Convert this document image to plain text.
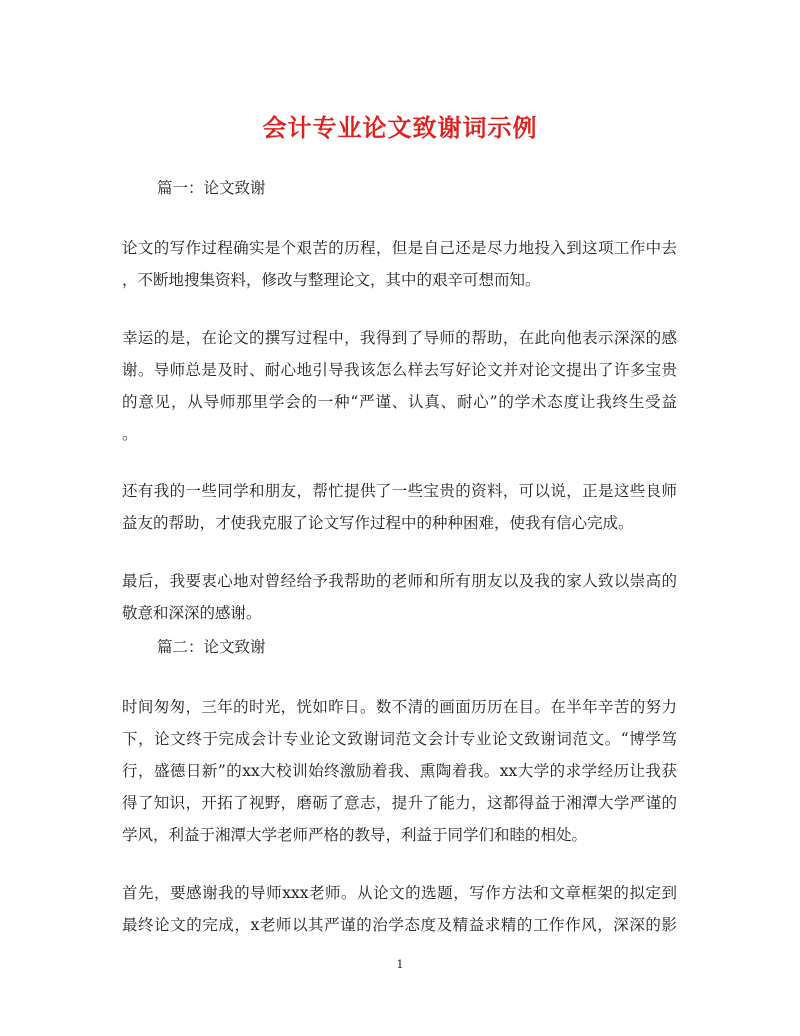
会计专业论文致谢词示例
篇一：论文致谢
论文的写作过程确实是个艰苦的历程，但是自己还是尽力地投入到这项工作中去
，不断地搜集资料，修改与整理论文，其中的艰辛可想而知。
幸运的是，在论文的撰写过程中，我得到了导师的帮助，在此向他表示深深的感
谢。导师总是及时、耐心地引导我该怎么样去写好论文并对论文提出了许多宝贵
的意见，从导师那里学会的一种“严谨、认真、耐心”的学术态度让我终生受益
。
还有我的一些同学和朋友，帮忙提供了一些宝贵的资料，可以说，正是这些良师
益友的帮助，才使我克服了论文写作过程中的种种困难，使我有信心完成。
最后，我要衷心地对曾经给予我帮助的老师和所有朋友以及我的家人致以崇高的
敬意和深深的感谢。
篇二：论文致谢
时间匆匆，三年的时光，恍如昨日。数不清的画面历历在目。在半年辛苦的努力
下，论文终于完成会计专业论文致谢词范文会计专业论文致谢词范文。“博学笃
行，盛德日新”的xx大校训始终激励着我、熏陶着我。xx大学的求学经历让我获
得了知识，开拓了视野，磨砺了意志，提升了能力，这都得益于湘潭大学严谨的
学风，利益于湘潭大学老师严格的教导，利益于同学们和睦的相处。
首先，要感谢我的导师xxx老师。从论文的选题，写作方法和文章框架的拟定到
最终论文的完成，x老师以其严谨的治学态度及精益求精的工作作风，深深的影
1
